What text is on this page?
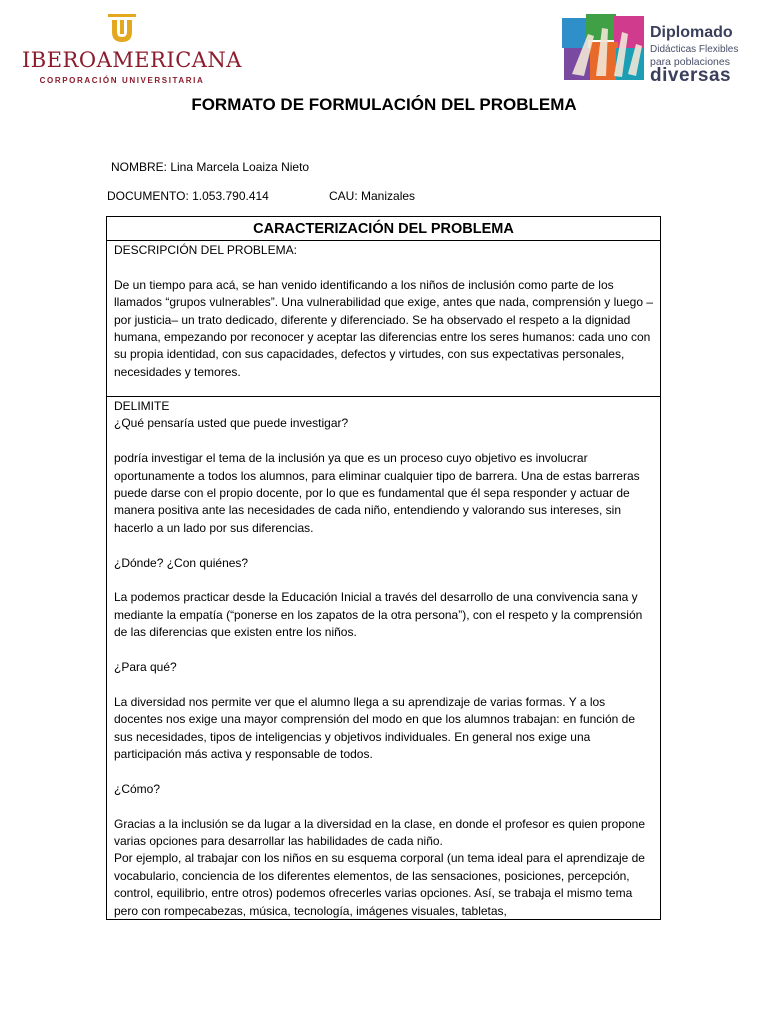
IBEROAMERICANA
CORPORACIÓN UNIVERSITARIA
Diplomado
Didácticas Flexibles
para poblaciones
diversas
FORMATO DE FORMULACIÓN DEL PROBLEMA
NOMBRE: Lina Marcela Loaiza Nieto
DOCUMENTO: 1.053.790.414	CAU: Manizales
CARACTERIZACIÓN DEL PROBLEMA
DESCRIPCIÓN DEL PROBLEMA:

De un tiempo para acá, se han venido identificando a los niños de inclusión como parte de los llamados “grupos vulnerables”. Una vulnerabilidad que exige, antes que nada, comprensión y luego –por justicia– un trato dedicado, diferente y diferenciado. Se ha observado el respeto a la dignidad humana, empezando por reconocer y aceptar las diferencias entre los seres humanos: cada uno con su propia identidad, con sus capacidades, defectos y virtudes, con sus expectativas personales, necesidades y temores.

DELIMITE
¿Qué pensaría usted que puede investigar?

podría investigar el tema de la inclusión ya que es un proceso cuyo objetivo es involucrar oportunamente a todos los alumnos, para eliminar cualquier tipo de barrera. Una de estas barreras puede darse con el propio docente, por lo que es fundamental que él sepa responder y actuar de manera positiva ante las necesidades de cada niño, entendiendo y valorando sus intereses, sin hacerlo a un lado por sus diferencias.

¿Dónde? ¿Con quiénes?

La podemos practicar desde la Educación Inicial a través del desarrollo de una convivencia sana y mediante la empatía (“ponerse en los zapatos de la otra persona”), con el respeto y la comprensión de las diferencias que existen entre los niños.

¿Para qué?

La diversidad nos permite ver que el alumno llega a su aprendizaje de varias formas. Y a los docentes nos exige una mayor comprensión del modo en que los alumnos trabajan: en función de sus necesidades, tipos de inteligencias y objetivos individuales. En general nos exige una participación más activa y responsable de todos.

¿Cómo?

Gracias a la inclusión se da lugar a la diversidad en la clase, en donde el profesor es quien propone varias opciones para desarrollar las habilidades de cada niño.

Por ejemplo, al trabajar con los niños en su esquema corporal (un tema ideal para el aprendizaje de vocabulario, conciencia de los diferentes elementos, de las sensaciones, posiciones, percepción, control, equilibrio, entre otros) podemos ofrecerles varias opciones. Así, se trabaja el mismo tema pero con rompecabezas, música, tecnología, imágenes visuales, tabletas,
